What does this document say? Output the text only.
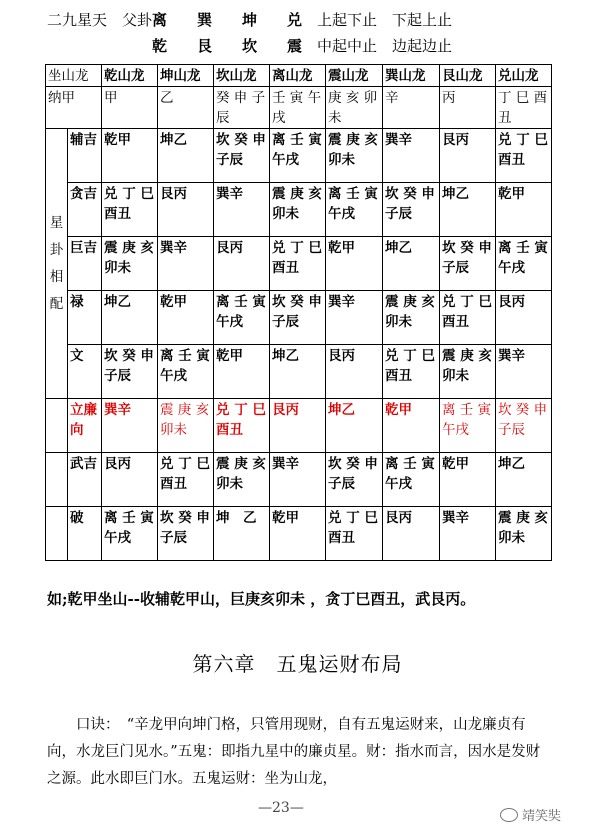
二九星天　父卦离　　巽　　坤　　兑　 上起下止　下起上止
乾　　艮　　坎　　震　 中起中止　边起边止
坐山龙		乾山龙	坤山龙	坎山龙	离山龙	震山龙	巽山龙	艮山龙	兑山龙
纳甲		甲	乙	癸 申 子辰	壬 寅 午戌	庚 亥 卯未	辛	丙	丁 巳 酉丑

星
卦
相
配	辅吉	乾甲	坤乙	坎 癸 申子辰	离 壬 寅午戌	震 庚 亥卯未	巽辛	艮丙	兑 丁 巳酉丑
	贪吉	兑 丁 巳酉丑	艮丙	巽辛	震 庚 亥卯未	离 壬 寅午戌	坎 癸 申子辰	坤乙	乾甲
	巨吉	震 庚 亥卯未	巽辛	艮丙	兑 丁 巳酉丑	乾甲	坤乙	坎 癸 申子辰	离 壬 寅午戌
	禄	坤乙	乾甲	离 壬 寅午戌	坎 癸 申子辰	巽辛	震 庚 亥卯未	兑 丁 巳酉丑	艮丙
	文	坎 癸 申子辰	离 壬 寅午戌	乾甲	坤乙	艮丙	兑 丁 巳酉丑	震 庚 亥卯未	巽辛
	立廉向	巽辛	震 庚 亥卯未	兑 丁 巳酉丑	艮丙	坤乙	乾甲	离 壬 寅午戌	坎 癸 申子辰
	武吉	艮丙	兑 丁 巳酉丑	震 庚 亥卯未	巽辛	坎 癸 申子辰	离 壬 寅午戌	乾甲	坤乙
	破	离 壬 寅午戌	坎 癸 申子辰	坤　乙	乾甲	兑 丁 巳酉丑	艮丙	巽辛	震 庚 亥卯未
如;乾甲坐山--收辅乾甲山，巨庚亥卯未 ，贪丁巳酉丑，武艮丙。
第六章　五鬼运财布局

口诀：　“辛龙甲向坤门格，只管用现财，自有五鬼运财来，山龙廉贞有向，水龙巨门见水。”五鬼：即指九星中的廉贞星。财：指水而言，因水是发财之源。此水即巨门水。五鬼运财：坐为山龙，

—23—
靖笑奘
